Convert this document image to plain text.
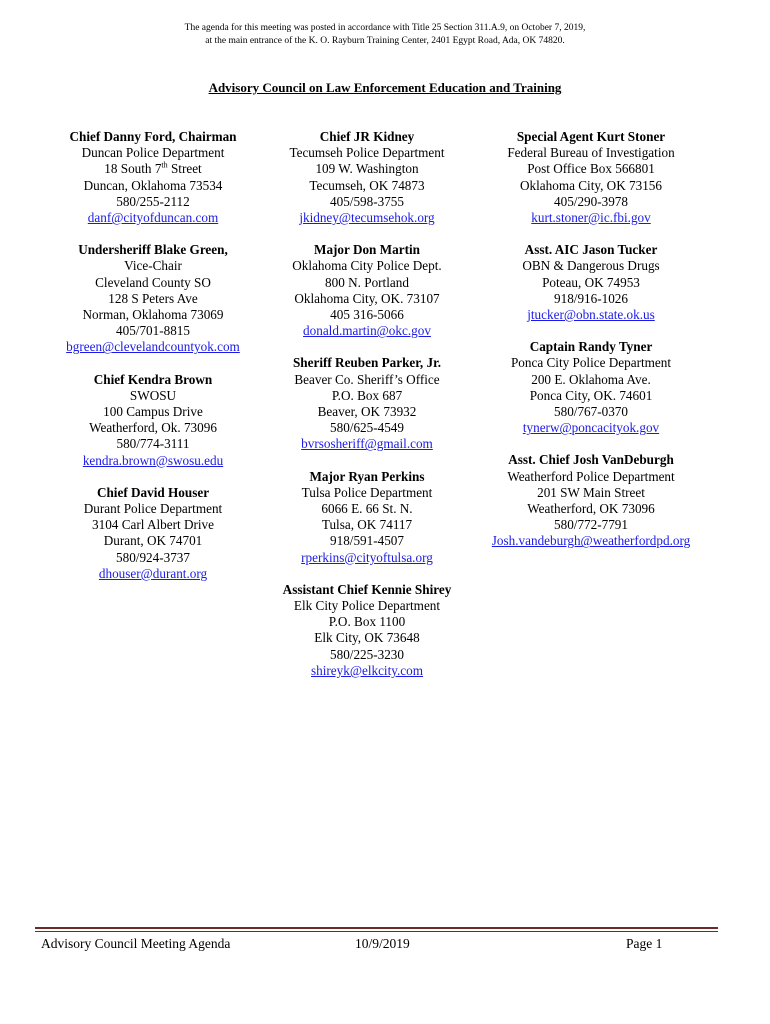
The agenda for this meeting was posted in accordance with Title 25 Section 311.A.9, on October 7, 2019,
at the main entrance of the K. O. Rayburn Training Center, 2401 Egypt Road, Ada, OK 74820.
Advisory Council on Law Enforcement Education and Training
Chief Danny Ford, Chairman
Duncan Police Department
18 South 7th Street
Duncan, Oklahoma 73534
580/255-2112
danf@cityofduncan.com
Undersheriff Blake Green,
Vice-Chair
Cleveland County SO
128 S Peters Ave
Norman, Oklahoma 73069
405/701-8815
bgreen@clevelandcountyok.com
Chief Kendra Brown
SWOSU
100 Campus Drive
Weatherford, Ok. 73096
580/774-3111
kendra.brown@swosu.edu
Chief David Houser
Durant Police Department
3104 Carl Albert Drive
Durant, OK 74701
580/924-3737
dhouser@durant.org
Chief JR Kidney
Tecumseh Police Department
109 W. Washington
Tecumseh, OK 74873
405/598-3755
jkidney@tecumsehok.org
Major Don Martin
Oklahoma City Police Dept.
800 N. Portland
Oklahoma City, OK. 73107
405 316-5066
donald.martin@okc.gov
Sheriff Reuben Parker, Jr.
Beaver Co. Sheriff’s Office
P.O. Box 687
Beaver, OK 73932
580/625-4549
bvrsosheriff@gmail.com
Major Ryan Perkins
Tulsa Police Department
6066 E. 66 St. N.
Tulsa, OK 74117
918/591-4507
rperkins@cityoftulsa.org
Assistant Chief Kennie Shirey
Elk City Police Department
P.O. Box 1100
Elk City, OK 73648
580/225-3230
shireyk@elkcity.com
Special Agent Kurt Stoner
Federal Bureau of Investigation
Post Office Box 566801
Oklahoma City, OK 73156
405/290-3978
kurt.stoner@ic.fbi.gov
Asst. AIC Jason Tucker
OBN & Dangerous Drugs
Poteau, OK 74953
918/916-1026
jtucker@obn.state.ok.us
Captain Randy Tyner
Ponca City Police Department
200 E. Oklahoma Ave.
Ponca City, OK. 74601
580/767-0370
tynerw@poncacityok.gov
Asst. Chief Josh VanDeburgh
Weatherford Police Department
201 SW Main Street
Weatherford, OK 73096
580/772-7791
Josh.vandeburgh@weatherfordpd.org
Advisory Council Meeting Agenda	10/9/2019	Page 1
